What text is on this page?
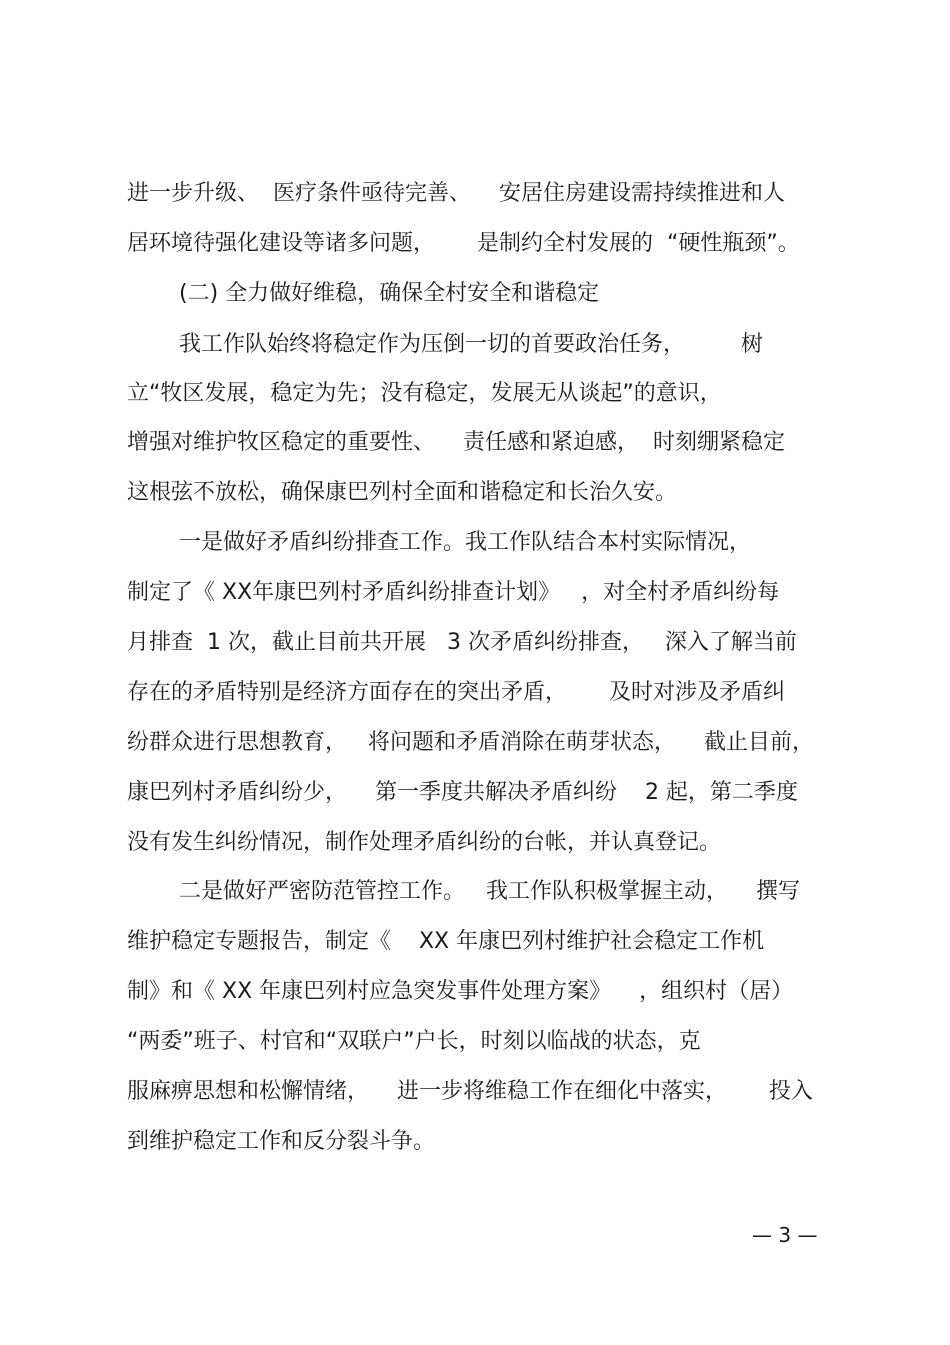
进一步升级、  医疗条件亟待完善、    安居住房建设需持续推进和人
居环境待强化建设等诸多问题，      是制约全村发展的  “硬性瓶颈”。
(二) 全力做好维稳，确保全村安全和谐稳定
我工作队始终将稳定作为压倒一切的首要政治任务，        树
立“牧区发展，稳定为先；没有稳定，发展无从谈起”的意识，
增强对维护牧区稳定的重要性、    责任感和紧迫感，  时刻绷紧稳定
这根弦不放松，确保康巴列村全面和谐稳定和长治久安。
一是做好矛盾纠纷排查工作。我工作队结合本村实际情况，
制定了《 XX年康巴列村矛盾纠纷排查计划》   ，对全村矛盾纠纷每
月排查  1 次，截止目前共开展   3 次矛盾纠纷排查，   深入了解当前
存在的矛盾特别是经济方面存在的突出矛盾，      及时对涉及矛盾纠
纷群众进行思想教育，   将问题和矛盾消除在萌芽状态，    截止目前，
康巴列村矛盾纠纷少，    第一季度共解决矛盾纠纷    2 起，第二季度
没有发生纠纷情况，制作处理矛盾纠纷的台帐，并认真登记。
二是做好严密防范管控工作。   我工作队积极掌握主动，    撰写
维护稳定专题报告，制定《    XX 年康巴列村维护社会稳定工作机
制》和《 XX 年康巴列村应急突发事件处理方案》    ，组织村（居）
“两委”班子、村官和“双联户”户长，时刻以临战的状态，克
服麻痹思想和松懈情绪，    进一步将维稳工作在细化中落实，      投入
到维护稳定工作和反分裂斗争。
— 3 —
